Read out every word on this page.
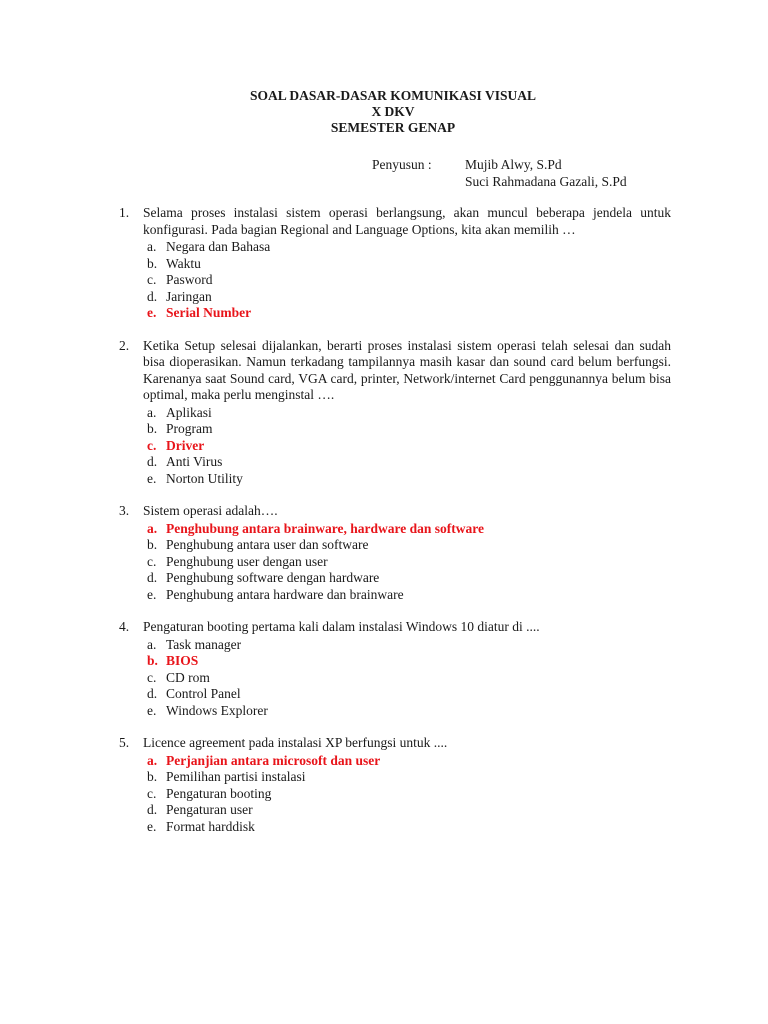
SOAL DASAR-DASAR KOMUNIKASI VISUAL
X DKV
SEMESTER GENAP
Penyusun :	Mujib Alwy, S.Pd
Suci Rahmadana Gazali, S.Pd
1. Selama proses instalasi sistem operasi berlangsung, akan muncul beberapa jendela untuk konfigurasi. Pada bagian Regional and Language Options, kita akan memilih …
a. Negara dan Bahasa
b. Waktu
c. Pasword
d. Jaringan
e. Serial Number
2. Ketika Setup selesai dijalankan, berarti proses instalasi sistem operasi telah selesai dan sudah bisa dioperasikan. Namun terkadang tampilannya masih kasar dan sound card belum berfungsi. Karenanya saat Sound card, VGA card, printer, Network/internet Card penggunannya belum bisa optimal, maka perlu menginstal ….
a. Aplikasi
b. Program
c. Driver
d. Anti Virus
e. Norton Utility
3. Sistem operasi adalah….
a. Penghubung antara brainware, hardware dan software
b. Penghubung antara user dan software
c. Penghubung user dengan user
d. Penghubung software dengan hardware
e. Penghubung antara hardware dan brainware
4. Pengaturan booting pertama kali dalam instalasi Windows 10 diatur di ....
a. Task manager
b. BIOS
c. CD rom
d. Control Panel
e. Windows Explorer
5. Licence agreement pada instalasi XP berfungsi untuk ....
a. Perjanjian antara microsoft dan user
b. Pemilihan partisi instalasi
c. Pengaturan booting
d. Pengaturan user
e. Format harddisk
